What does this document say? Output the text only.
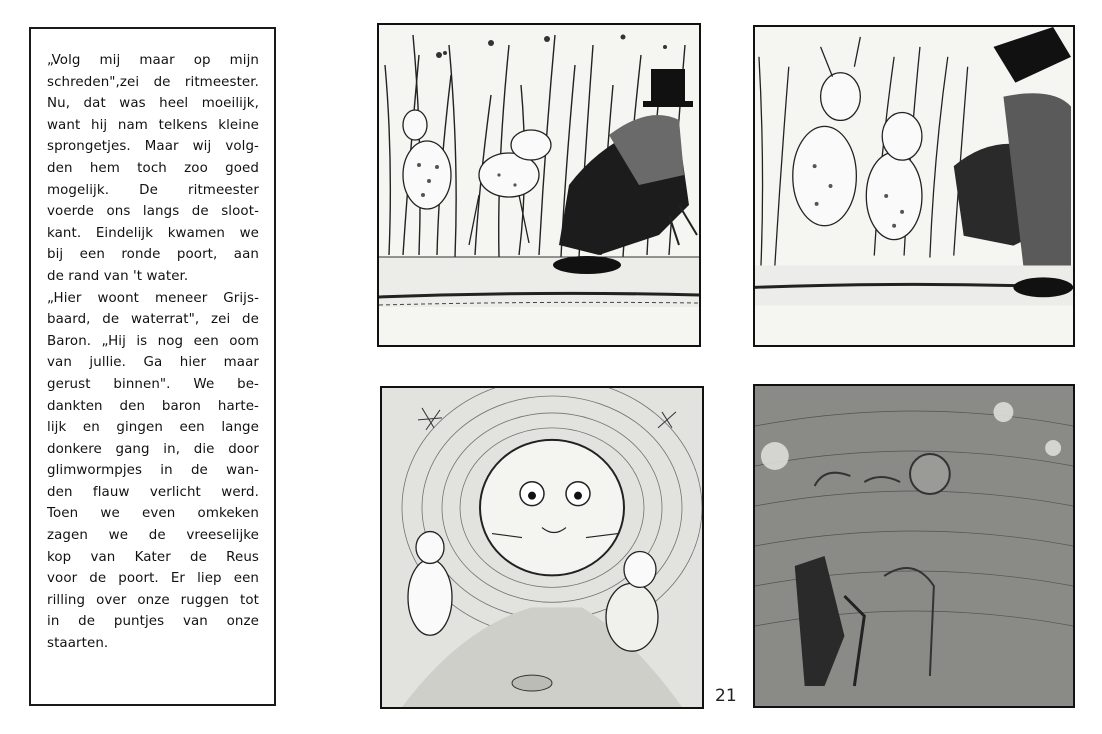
„Volg mij maar op mijn
schreden",zei de ritmeester.
Nu, dat was heel moeilijk,
want hij nam telkens kleine
sprongetjes. Maar wij volg-
den hem toch zoo goed
mogelijk. De ritmeester
voerde ons langs de sloot-
kant. Eindelijk kwamen we
bij een ronde poort, aan
de rand van 't water.
„Hier woont meneer Grijs-
baard, de waterrat", zei de
Baron. „Hij is nog een oom
van jullie. Ga hier maar
gerust binnen". We be-
dankten den baron harte-
lijk en gingen een lange
donkere gang in, die door
glimwormpjes in de wan-
den flauw verlicht werd.
Toen we even omkeken
zagen we de vreeselijke
kop van Kater de Reus
voor de poort. Er liep een
rilling over onze ruggen tot
in de puntjes van onze
staarten.
21
